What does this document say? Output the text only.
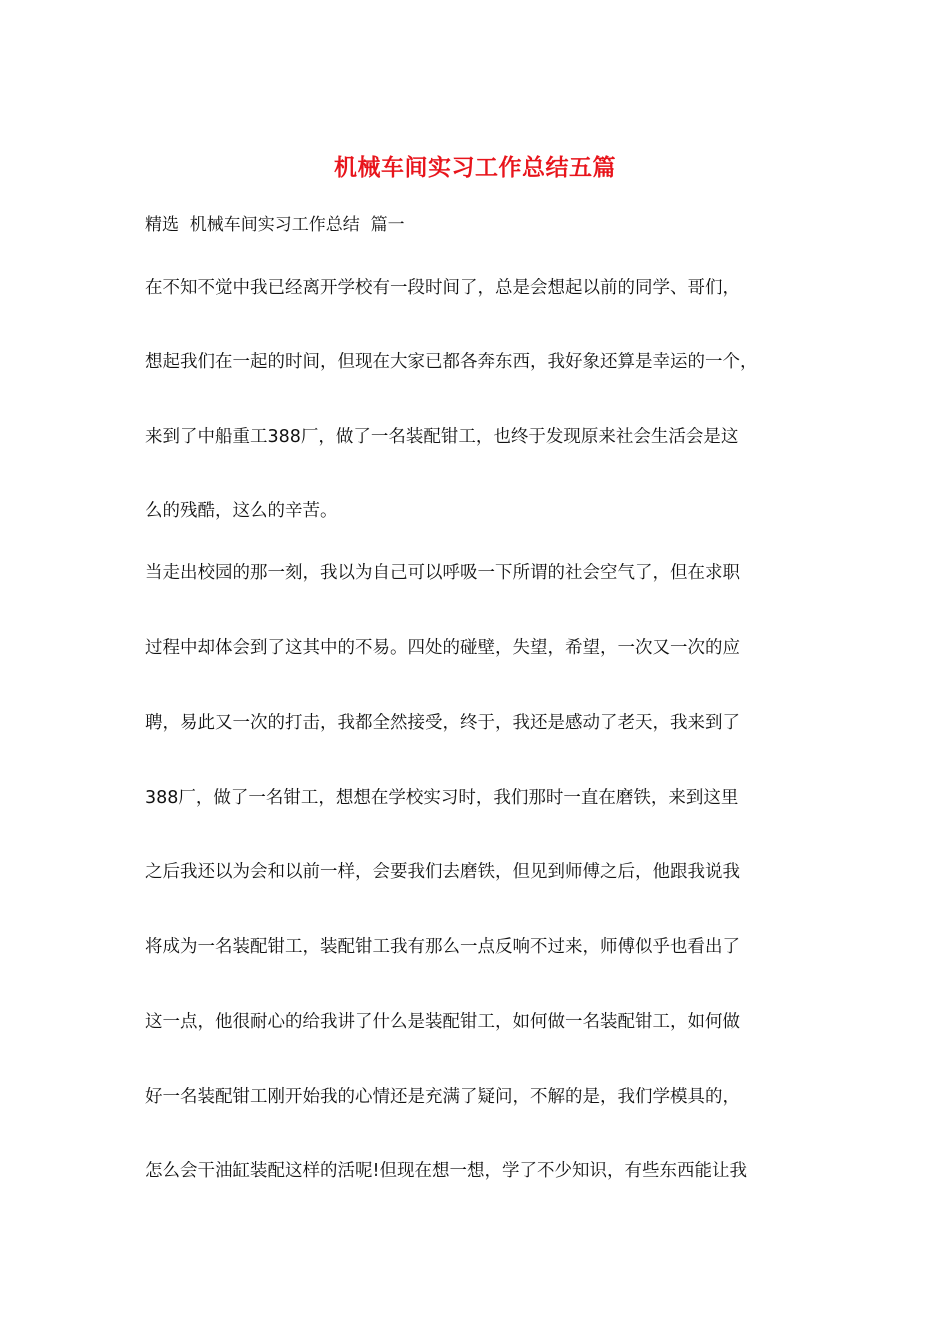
机械车间实习工作总结五篇
精选  机械车间实习工作总结  篇一
在不知不觉中我已经离开学校有一段时间了，总是会想起以前的同学、哥们，
想起我们在一起的时间，但现在大家已都各奔东西，我好象还算是幸运的一个，
来到了中船重工388厂，做了一名装配钳工，也终于发现原来社会生活会是这
么的残酷，这么的辛苦。
当走出校园的那一刻，我以为自己可以呼吸一下所谓的社会空气了，但在求职
过程中却体会到了这其中的不易。四处的碰壁，失望，希望，一次又一次的应
聘，易此又一次的打击，我都全然接受，终于，我还是感动了老天，我来到了
388厂，做了一名钳工，想想在学校实习时，我们那时一直在磨铁，来到这里
之后我还以为会和以前一样，会要我们去磨铁，但见到师傅之后，他跟我说我
将成为一名装配钳工，装配钳工我有那么一点反响不过来，师傅似乎也看出了
这一点，他很耐心的给我讲了什么是装配钳工，如何做一名装配钳工，如何做
好一名装配钳工刚开始我的心情还是充满了疑问，不解的是，我们学模具的，
怎么会干油缸装配这样的活呢!但现在想一想，学了不少知识，有些东西能让我
